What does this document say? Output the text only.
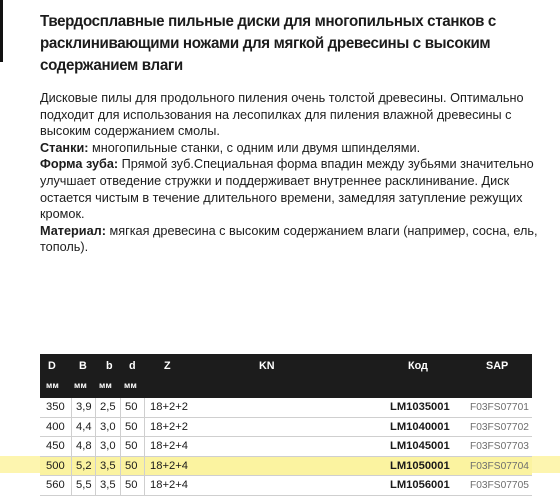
Твердосплавные пильные диски для многопильных станков с
расклинивающими ножами для мягкой древесины с высоким
содержанием влаги

Дисковые пилы для продольного пиления очень толстой древесины. Оптимально подходит для использования на лесопилках для пиления влажной древесины с высоким содержанием смолы.

Станки: многопильные станки, с одним или двумя шпинделями.

Форма зуба: Прямой зуб.Специальная форма впадин между зубьями значительно улучшает отведение стружки и поддерживает внутреннее расклинивание. Диск остается чистым в течение длительного времени, замедляя затупление режущих кромок.

Материал: мягкая древесина с высоким содержанием влаги (например, сосна, ель, тополь).

D B b d	Z	KN	Код	SAP
мм мм мм мм
350 3,9 2,5 50 18+2+2	LM1035001 F03FS07701
400 4,4 3,0 50 18+2+2	LM1040001 F03FS07702
450 4,8 3,0 50 18+2+4	LM1045001 F03FS07703
500 5,2 3,5 50 18+2+4	LM1050001 F03FS07704
560 5,5 3,5 50 18+2+4	LM1056001 F03FS07705
